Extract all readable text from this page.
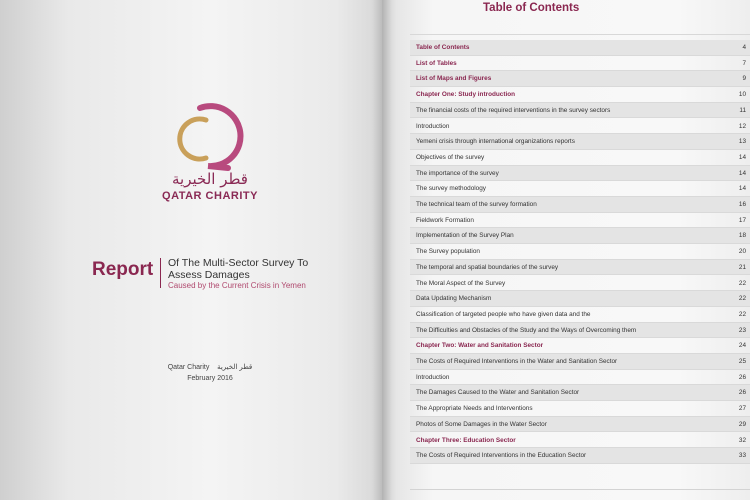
قطر الخيرية
QATAR CHARITY
Report Of The Multi-Sector Survey To
Assess Damages
Caused by the Current Crisis in Yemen
Qatar Charity قطر الخيرية
February 2016
Table of Contents
Table of Contents	4
List of Tables	7
List of Maps and Figures	9
Chapter One: Study introduction	10
The financial costs of the required interventions in the survey sectors	11
Introduction	12
Yemeni crisis through international organizations reports	13
Objectives of the survey	14
The importance of the survey	14
The survey methodology	14
The technical team of the survey formation	16
Fieldwork Formation	17
Implementation of the Survey Plan	18
The Survey population	20
The temporal and spatial boundaries of the survey	21
The Moral Aspect of the Survey	22
Data Updating Mechanism	22
Classification of targeted people who have given data and the	22
The Difficulties and Obstacles of the Study and the Ways of Overcoming them	23
Chapter Two: Water and Sanitation Sector	24
The Costs of Required Interventions in the Water and Sanitation Sector	25
Introduction	26
The Damages Caused to the Water and Sanitation Sector	26
The Appropriate Needs and Interventions	27
Photos of Some Damages in the Water Sector	29
Chapter Three: Education Sector	32
The Costs of Required Interventions in the Education Sector	33
